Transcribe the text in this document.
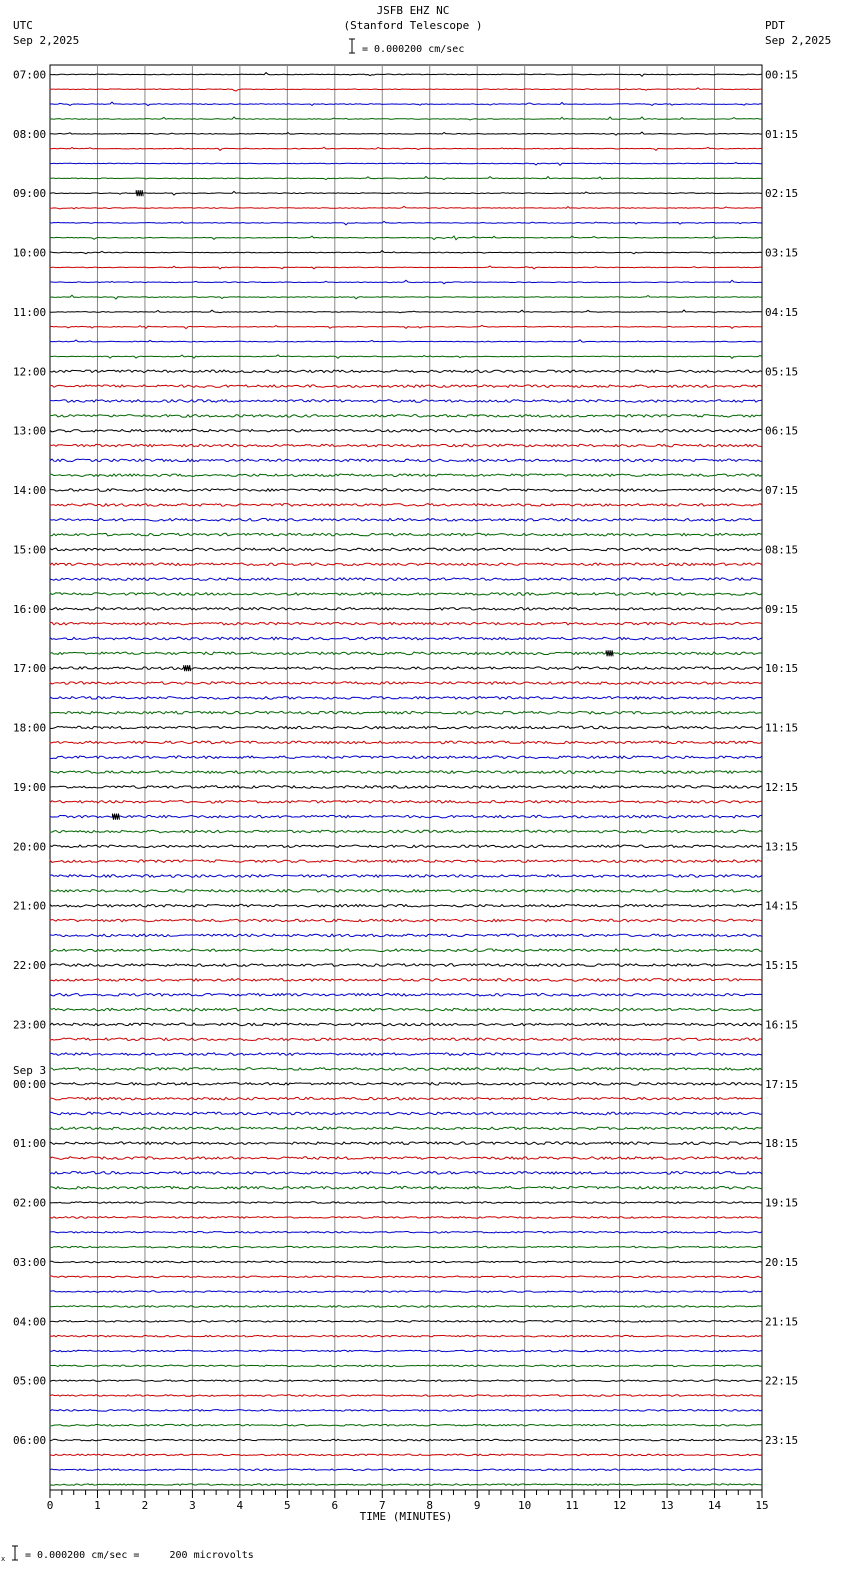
JSFB EHZ NC
(Stanford Telescope )
= 0.000200 cm/sec
UTC
Sep 2,2025
PDT
Sep 2,2025
07:00
08:00
09:00
10:00
11:00
12:00
13:00
14:00
15:00
16:00
17:00
18:00
19:00
20:00
21:00
22:00
23:00
00:00
01:00
02:00
03:00
04:00
05:00
06:00
Sep 3
00:15
01:15
02:15
03:15
04:15
05:15
06:15
07:15
08:15
09:15
10:15
11:15
12:15
13:15
14:15
15:15
16:15
17:15
18:15
19:15
20:15
21:15
22:15
23:15
0	1	2	3	4	5	6	7	8	9	10	11	12	13	14	15
TIME (MINUTES)
x = 0.000200 cm/sec =     200 microvolts
